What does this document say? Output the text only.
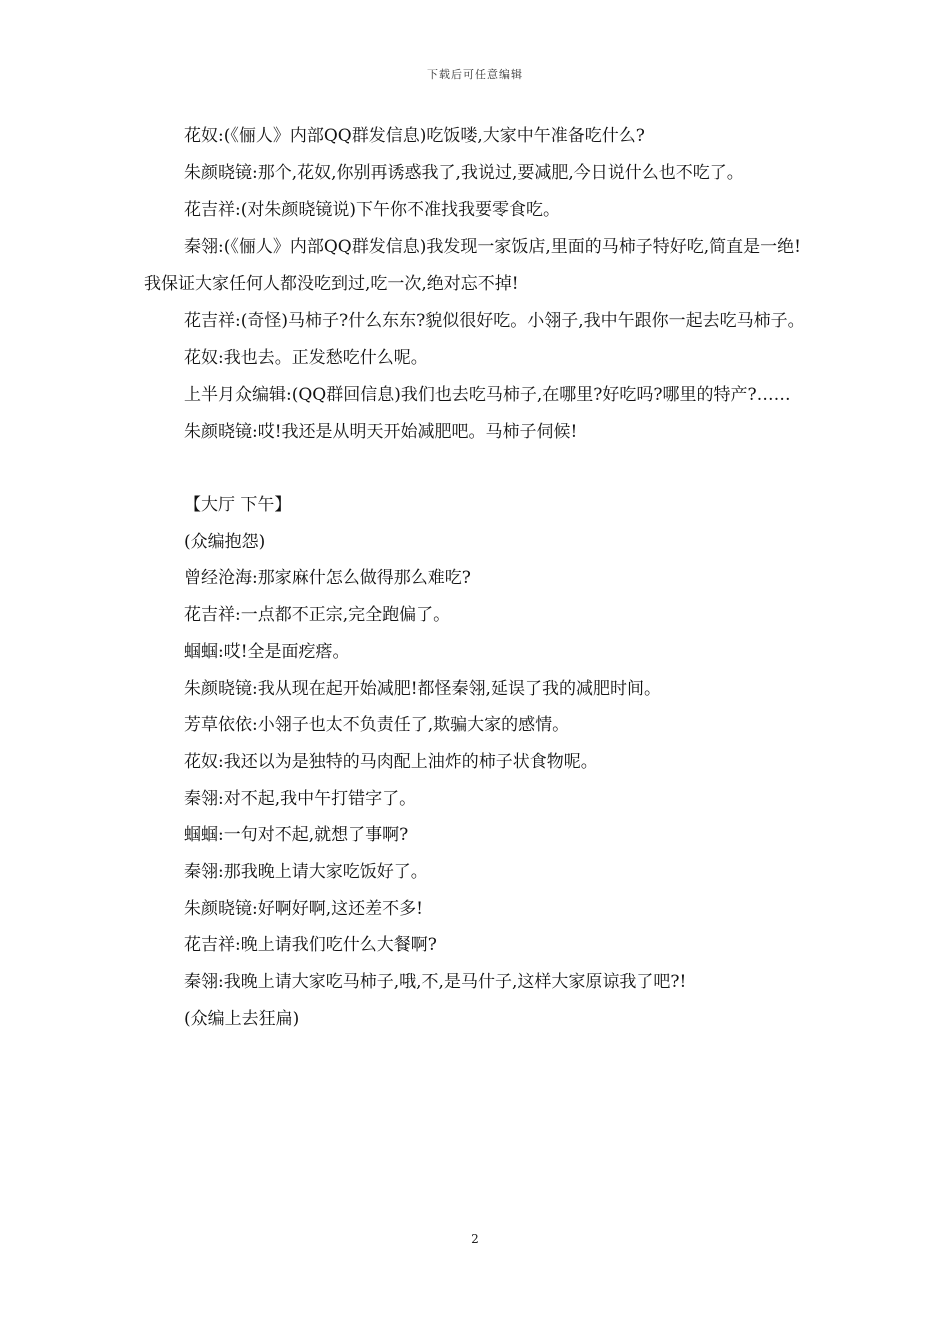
下载后可任意编辑

花奴:(《俪人》内部QQ群发信息)吃饭喽,大家中午准备吃什么?

朱颜晓镜:那个,花奴,你别再诱惑我了,我说过,要减肥,今日说什么也不吃了。

花吉祥:(对朱颜晓镜说)下午你不准找我要零食吃。

秦翎:(《俪人》内部QQ群发信息)我发现一家饭店,里面的马柿子特好吃,简直是一绝!我保证大家任何人都没吃到过,吃一次,绝对忘不掉!

花吉祥:(奇怪)马柿子?什么东东?貌似很好吃。小翎子,我中午跟你一起去吃马柿子。

花奴:我也去。正发愁吃什么呢。

上半月众编辑:(QQ群回信息)我们也去吃马柿子,在哪里?好吃吗?哪里的特产?……

朱颜晓镜:哎!我还是从明天开始减肥吧。马柿子伺候!

【大厅 下午】

(众编抱怨)

曾经沧海:那家麻什怎么做得那么难吃?

花吉祥:一点都不正宗,完全跑偏了。

蝈蝈:哎!全是面疙瘩。

朱颜晓镜:我从现在起开始减肥!都怪秦翎,延误了我的减肥时间。

芳草依依:小翎子也太不负责任了,欺骗大家的感情。

花奴:我还以为是独特的马肉配上油炸的柿子状食物呢。

秦翎:对不起,我中午打错字了。

蝈蝈:一句对不起,就想了事啊?

秦翎:那我晚上请大家吃饭好了。

朱颜晓镜:好啊好啊,这还差不多!

花吉祥:晚上请我们吃什么大餐啊?

秦翎:我晚上请大家吃马柿子,哦,不,是马什子,这样大家原谅我了吧?!

(众编上去狂扁)

2
